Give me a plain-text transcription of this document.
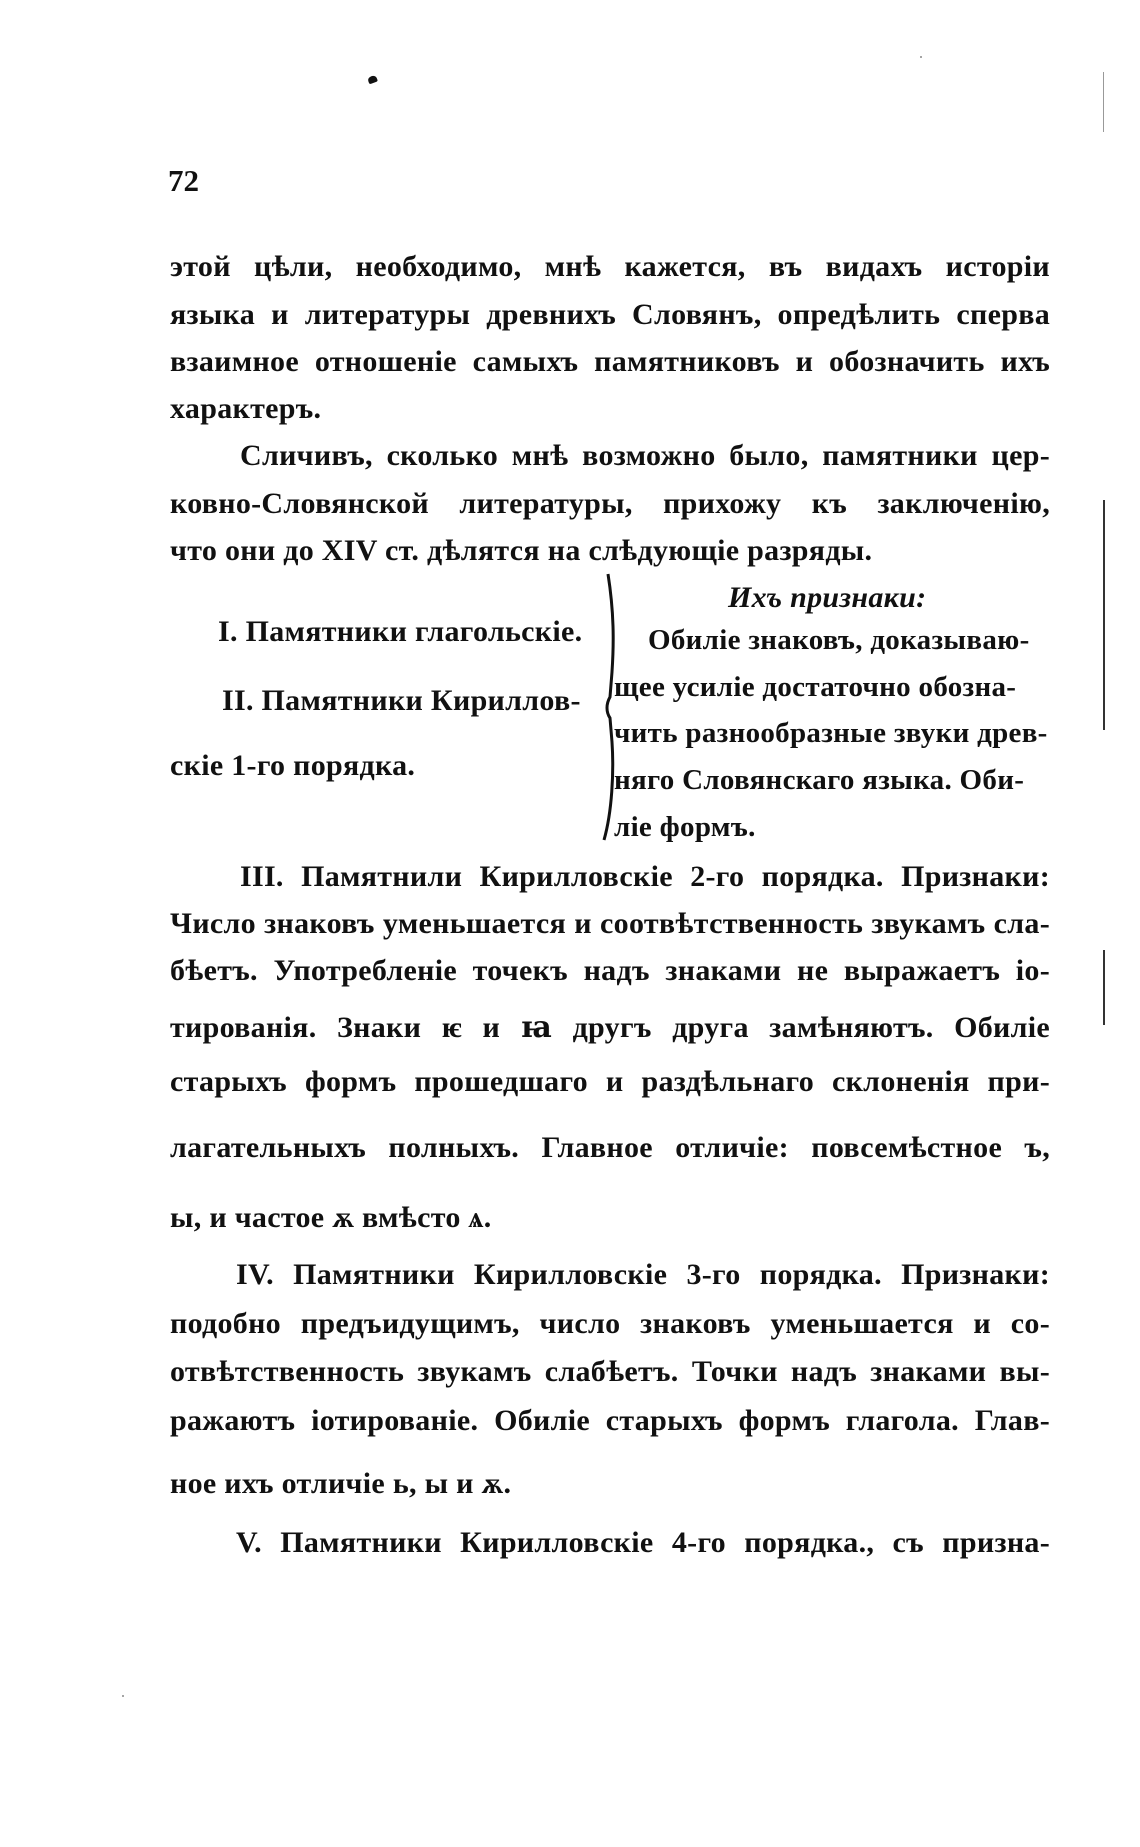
72
этой цѣли, необходимо, мнѣ кажется, въ видахъ исторіи
языка и литературы древнихъ Словянъ, опредѣлить сперва
взаимное отношеніе самыхъ памятниковъ и обозначить ихъ
характеръ.
Сличивъ, сколько мнѣ возможно было, памятники цер-
ковно-Словянской литературы, прихожу къ заключенію,
что они до XIV ст. дѣлятся на слѣдующіе разряды.
Ихъ признаки:
I. Памятники глагольскіе.
II. Памятники Кириллов-
скіе 1-го порядка.
Обиліе знаковъ, доказываю-
щее усиліе достаточно обозна-
чить разнообразные звуки древ-
няго Словянскаго языка. Оби-
ліе формъ.
III. Памятнили Кирилловскіе 2-го порядка. Признаки:
Число знаковъ уменьшается и соотвѣтственность звукамъ сла-
бѣетъ. Употребленіе точекъ надъ знаками не выражаетъ іо-
тированія. Знаки ѥ и ꙗ другъ друга замѣняютъ. Обиліе
старыхъ формъ прошедшаго и раздѣльнаго склоненія при-
лагательныхъ полныхъ. Главное отличіе: повсемѣстное ъ,
ы, и частое ѫ вмѣсто ѧ.
IV. Памятники Кирилловскіе 3-го порядка. Признаки:
подобно предъидущимъ, число знаковъ уменьшается и со-
отвѣтственность звукамъ слабѣетъ. Точки надъ знаками вы-
ражаютъ іотированіе. Обиліе старыхъ формъ глагола. Глав-
ное ихъ отличіе ь, ы и ѫ.
V. Памятники Кирилловскіе 4-го порядка., съ призна-
